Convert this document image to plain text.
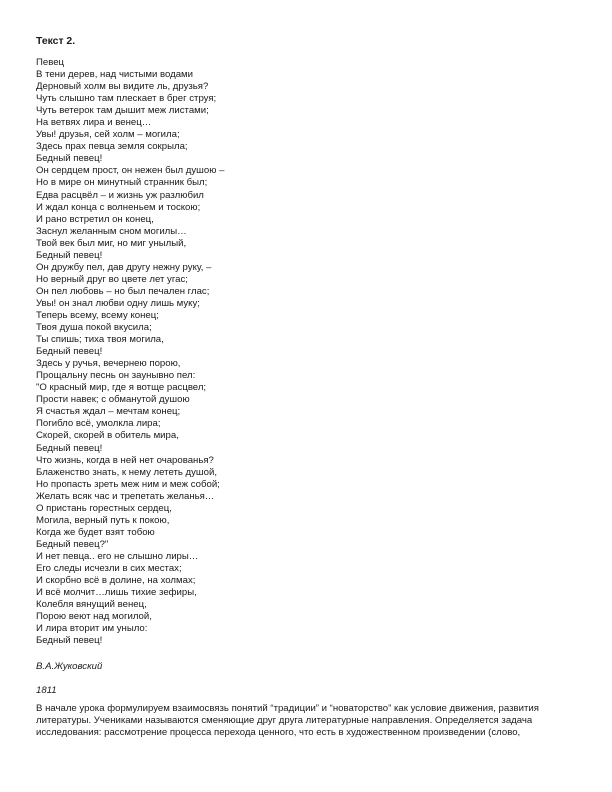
Текст 2.
Певец
В тени дерев, над чистыми водами
Дерновый холм вы видите ль, друзья?
Чуть слышно там плескает в брег струя;
Чуть ветерок там дышит меж листами;
На ветвях лира и венец…
Увы! друзья, сей холм – могила;
Здесь прах певца земля сокрыла;
Бедный певец!
Он сердцем прост, он нежен был душою –
Но в мире он минутный странник был;
Едва расцвёл – и жизнь уж разлюбил
И ждал конца с волненьем и тоскою;
И рано встретил он конец,
Заснул желанным сном могилы…
Твой век был миг, но миг унылый,
Бедный певец!
Он дружбу пел, дав другу нежну руку, –
Но верный друг во цвете лет угас;
Он пел любовь – но был печален глас;
Увы! он знал любви одну лишь муку;
Теперь всему, всему конец;
Твоя душа покой вкусила;
Ты спишь; тиха твоя могила,
Бедный певец!
Здесь у ручья, вечернею порою,
Прощальну песнь он заунывно пел:
"О красный мир, где я вотще расцвел;
Прости навек; с обманутой душою
Я счастья ждал – мечтам конец;
Погибло всё, умолкла лира;
Скорей, скорей в обитель мира,
Бедный певец!
Что жизнь, когда в ней нет очарованья?
Блаженство знать, к нему лететь душой,
Но пропасть зреть меж ним и меж собой;
Желать всяк час и трепетать желанья…
О пристань горестных сердец,
Могила, верный путь к покою,
Когда же будет взят тобою
Бедный певец?"
И нет певца.. его не слышно лиры…
Его следы исчезли в сих местах;
И скорбно всё в долине, на холмах;
И всё молчит…лишь тихие зефиры,
Колебля вянущий венец,
Порою веют над могилой,
И лира вторит им уныло:
Бедный певец!
В.А.Жуковский
1811
В начале урока формулируем взаимосвязь понятий “традиции” и “новаторство” как условие движения, развития
литературы. Учениками называются сменяющие друг друга литературные направления. Определяется задача
исследования: рассмотрение процесса перехода ценного, что есть в художественном произведении (слово,
